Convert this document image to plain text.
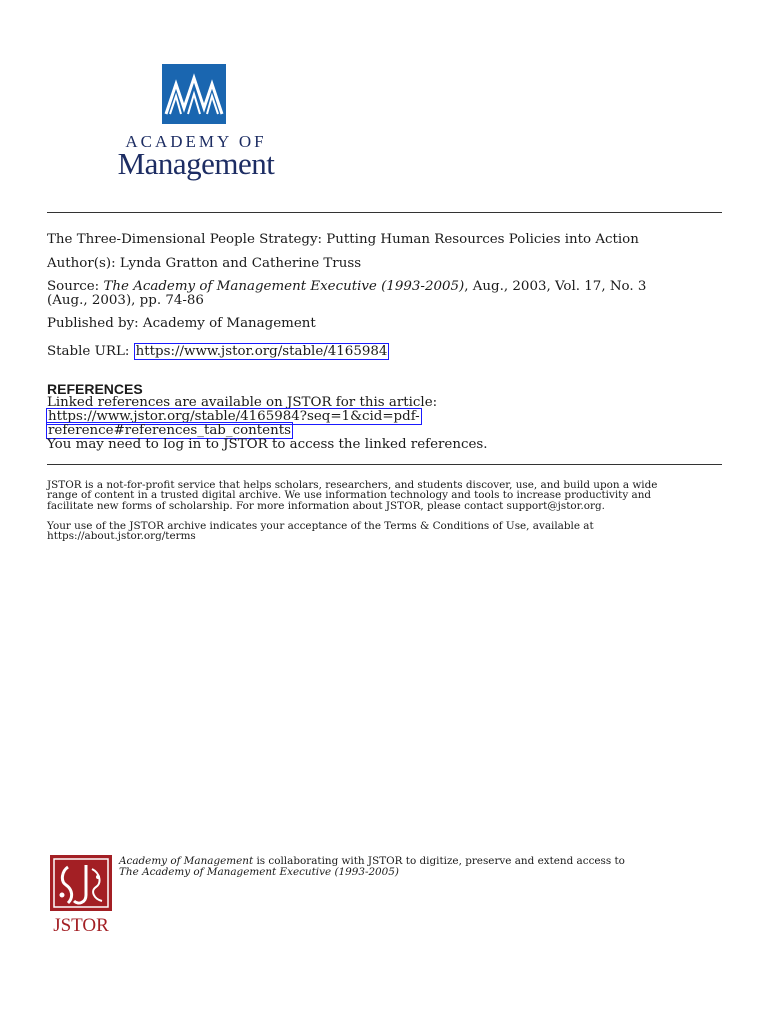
ACADEMY OF
Management
The Three-Dimensional People Strategy: Putting Human Resources Policies into Action
Author(s): Lynda Gratton and Catherine Truss
Source: The Academy of Management Executive (1993-2005), Aug., 2003, Vol. 17, No. 3
(Aug., 2003), pp. 74-86
Published by: Academy of Management
Stable URL: https://www.jstor.org/stable/4165984
REFERENCES
Linked references are available on JSTOR for this article:
https://www.jstor.org/stable/4165984?seq=1&cid=pdf-
reference#references_tab_contents
You may need to log in to JSTOR to access the linked references.
JSTOR is a not-for-profit service that helps scholars, researchers, and students discover, use, and build upon a wide
range of content in a trusted digital archive. We use information technology and tools to increase productivity and
facilitate new forms of scholarship. For more information about JSTOR, please contact support@jstor.org.
Your use of the JSTOR archive indicates your acceptance of the Terms & Conditions of Use, available at
https://about.jstor.org/terms
JSTOR
Academy of Management is collaborating with JSTOR to digitize, preserve and extend access to
The Academy of Management Executive (1993-2005)
